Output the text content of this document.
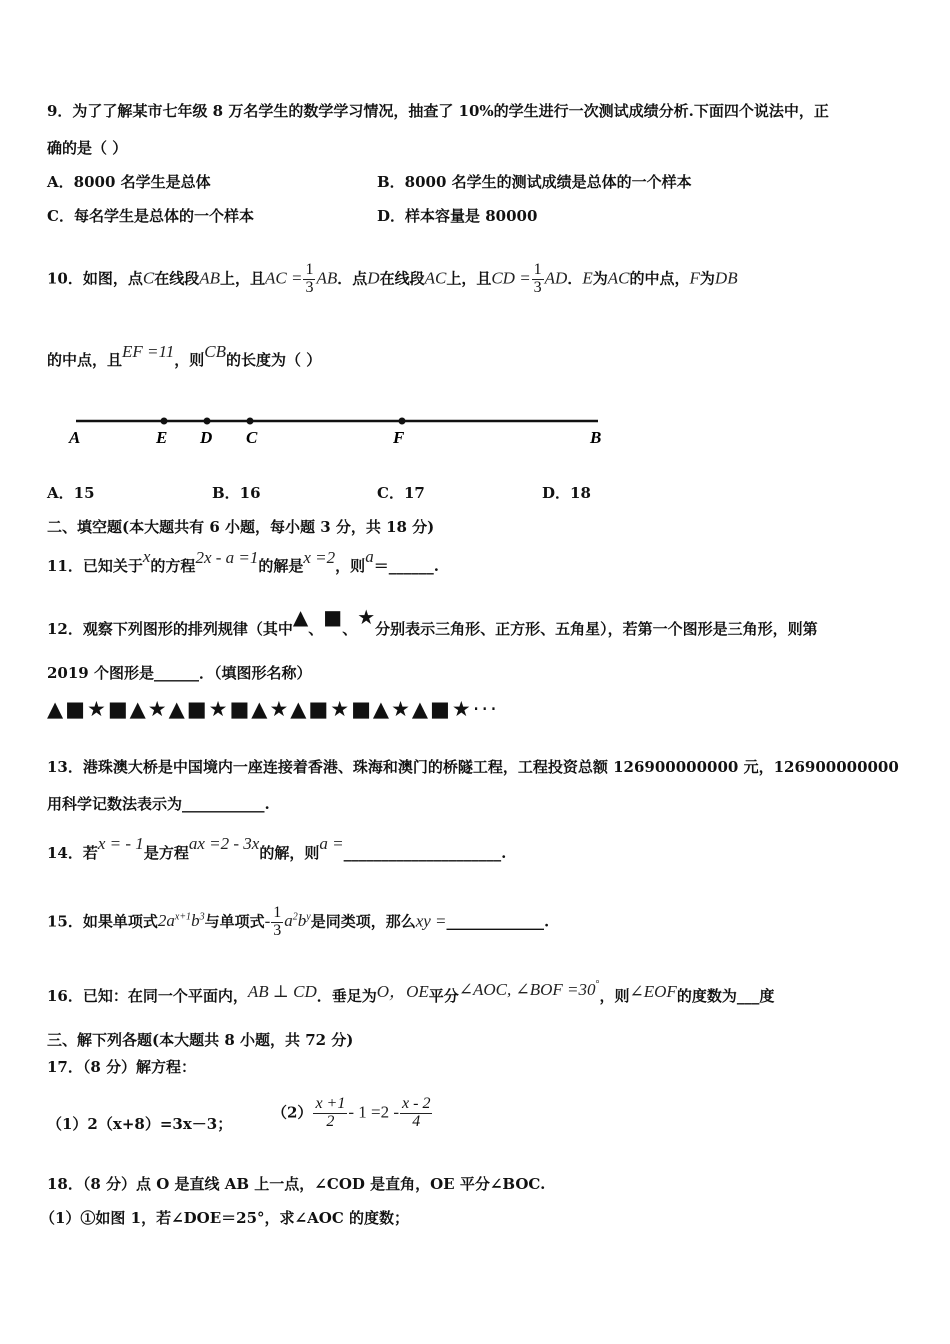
9．为了了解某市七年级 8 万名学生的数学学习情况，抽查了 10%的学生进行一次测试成绩分析.下面四个说法中，正
确的是（ ）
A．8000 名学生是总体	B．8000 名学生的测试成绩是总体的一个样本
C．每名学生是总体的一个样本	D．样本容量是 80000
10．如图，点C在线段AB上，且AC = $\frac{1}{3}$ AB．点D在线段AC上，且CD = $\frac{1}{3}$ AD．E为AC的中点，F为DB
的中点，且EF =11，则CB的长度为（ ）
A	E D C	F	B
A．15	B．16	C．17	D．18
二、填空题(本大题共有 6 小题，每小题 3 分，共 18 分)
11．已知关于x的方程2x - a =1的解是x =2，则a＝______.
12．观察下列图形的排列规律（其中▲、■、★分别表示三角形、正方形、五角星），若第一个图形是三角形，则第
2019 个图形是______．（填图形名称）
▲■★■▲★▲■★■▲★▲■★■▲★▲■★···
13．港珠澳大桥是中国境内一座连接着香港、珠海和澳门的桥隧工程，工程投资总额 126900000000 元，126900000000
用科学记数法表示为___________.
14．若x = - 1是方程ax =2 - 3x的解，则a =_____________________.
15．如果单项式$2a^{x+1}b^3$与单项式- $\frac{1}{3} a^2b^y$是同类项，那么xy =_____________.
16．已知：在同一个平面内，AB ⊥ CD．垂足为O，OE平分∠AOC, ∠BOF =30°，则∠EOF的度数为___度
三、解下列各题(本大题共 8 小题，共 72 分)
17．（8 分）解方程：
（1）2（x+8）=3x－3；
$(2) \frac{x +1}{2} - 1 =2 - \frac{x - 2}{4}$
18．（8 分）点 O 是直线 AB 上一点，∠COD 是直角，OE 平分∠BOC.
（1）①如图 1，若∠DOE＝25°，求∠AOC 的度数；
